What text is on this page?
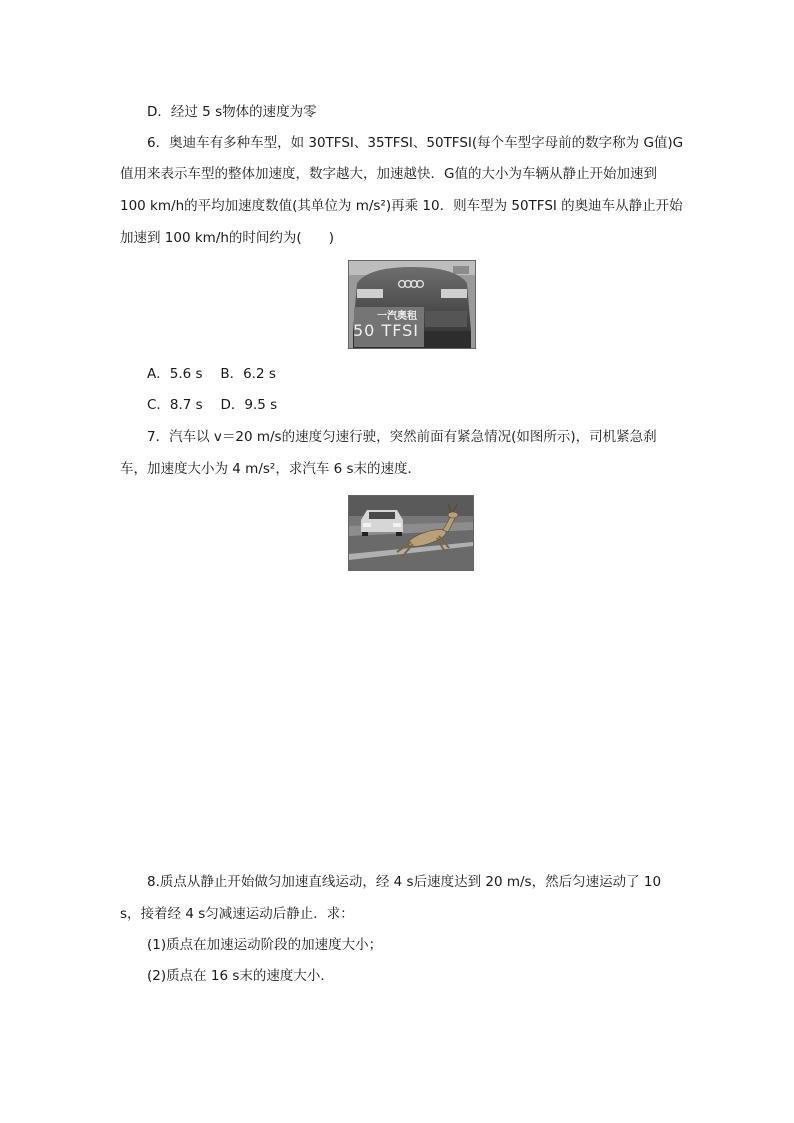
D．经过 5 s物体的速度为零
6．奥迪车有多种车型，如 30TFSI、35TFSI、50TFSI(每个车型字母前的数字称为 G值)G
值用来表示车型的整体加速度，数字越大，加速越快．G值的大小为车辆从静止开始加速到
100 km/h的平均加速度数值(其单位为 m/s²)再乘 10．则车型为 50TFSI 的奥迪车从静止开始
加速到 100 km/h的时间约为(　　)
一汽奥租
50 TFSI
A．5.6 s　 B．6.2 s
C．8.7 s　 D．9.5 s
7．汽车以 v＝20 m/s的速度匀速行驶，突然前面有紧急情况(如图所示)，司机紧急刹
车，加速度大小为 4 m/s²，求汽车 6 s末的速度．
8.质点从静止开始做匀加速直线运动，经 4 s后速度达到 20 m/s，然后匀速运动了 10
s，接着经 4 s匀减速运动后静止．求：
(1)质点在加速运动阶段的加速度大小；
(2)质点在 16 s末的速度大小．
